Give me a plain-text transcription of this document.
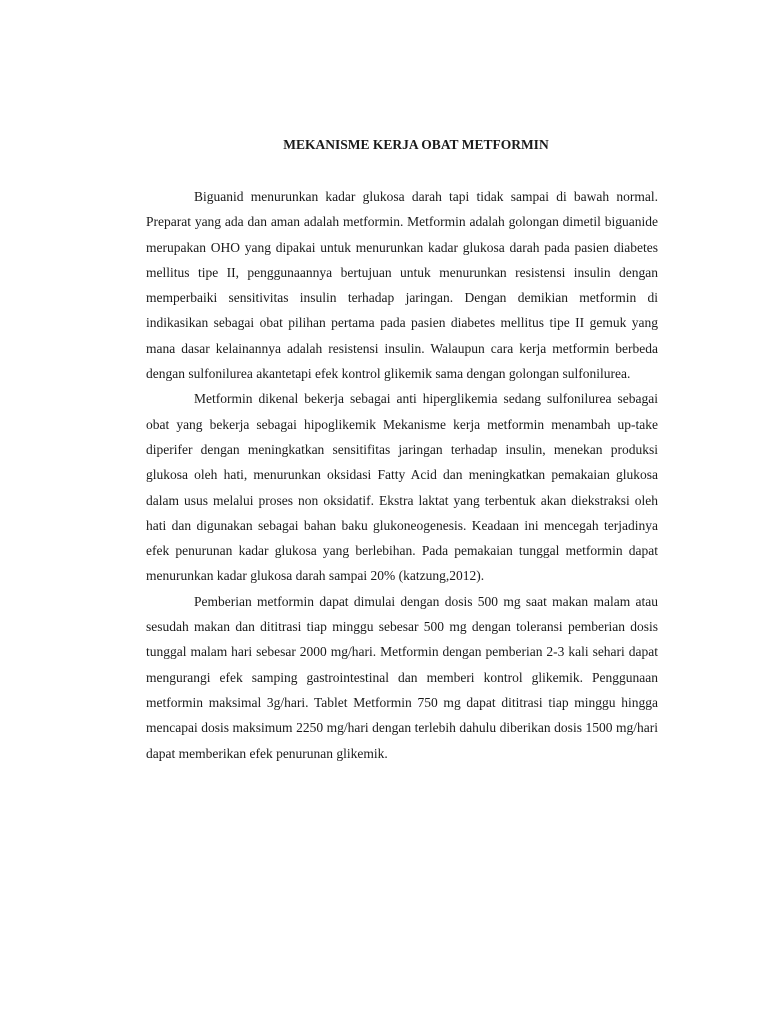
MEKANISME KERJA OBAT METFORMIN

Biguanid menurunkan kadar glukosa darah tapi tidak sampai di bawah normal. Preparat yang ada dan aman adalah metformin. Metformin adalah golongan dimetil biguanide merupakan OHO yang dipakai untuk menurunkan kadar glukosa darah pada pasien diabetes mellitus tipe II, penggunaannya bertujuan untuk menurunkan resistensi insulin dengan memperbaiki sensitivitas insulin terhadap jaringan. Dengan demikian metformin di indikasikan sebagai obat pilihan pertama pada pasien diabetes mellitus tipe II gemuk yang mana dasar kelainannya adalah resistensi insulin. Walaupun cara kerja metformin berbeda dengan sulfonilurea akantetapi efek kontrol glikemik sama dengan golongan sulfonilurea.

Metformin dikenal bekerja sebagai anti hiperglikemia sedang sulfonilurea sebagai obat yang bekerja sebagai hipoglikemik Mekanisme kerja metformin menambah up-take diperifer dengan meningkatkan sensitifitas jaringan terhadap insulin, menekan produksi glukosa oleh hati, menurunkan oksidasi Fatty Acid dan meningkatkan pemakaian glukosa dalam usus melalui proses non oksidatif. Ekstra laktat yang terbentuk akan diekstraksi oleh hati dan digunakan sebagai bahan baku glukoneogenesis. Keadaan ini mencegah terjadinya efek penurunan kadar glukosa yang berlebihan. Pada pemakaian tunggal metformin dapat menurunkan kadar glukosa darah sampai 20% (katzung,2012).

Pemberian metformin dapat dimulai dengan dosis 500 mg saat makan malam atau sesudah makan dan dititrasi tiap minggu sebesar 500 mg dengan toleransi pemberian dosis tunggal malam hari sebesar 2000 mg/hari. Metformin dengan pemberian 2-3 kali sehari dapat mengurangi efek samping gastrointestinal dan memberi kontrol glikemik. Penggunaan metformin maksimal 3g/hari. Tablet Metformin 750 mg dapat dititrasi tiap minggu hingga mencapai dosis maksimum 2250 mg/hari dengan terlebih dahulu diberikan dosis 1500 mg/hari dapat memberikan efek penurunan glikemik.
